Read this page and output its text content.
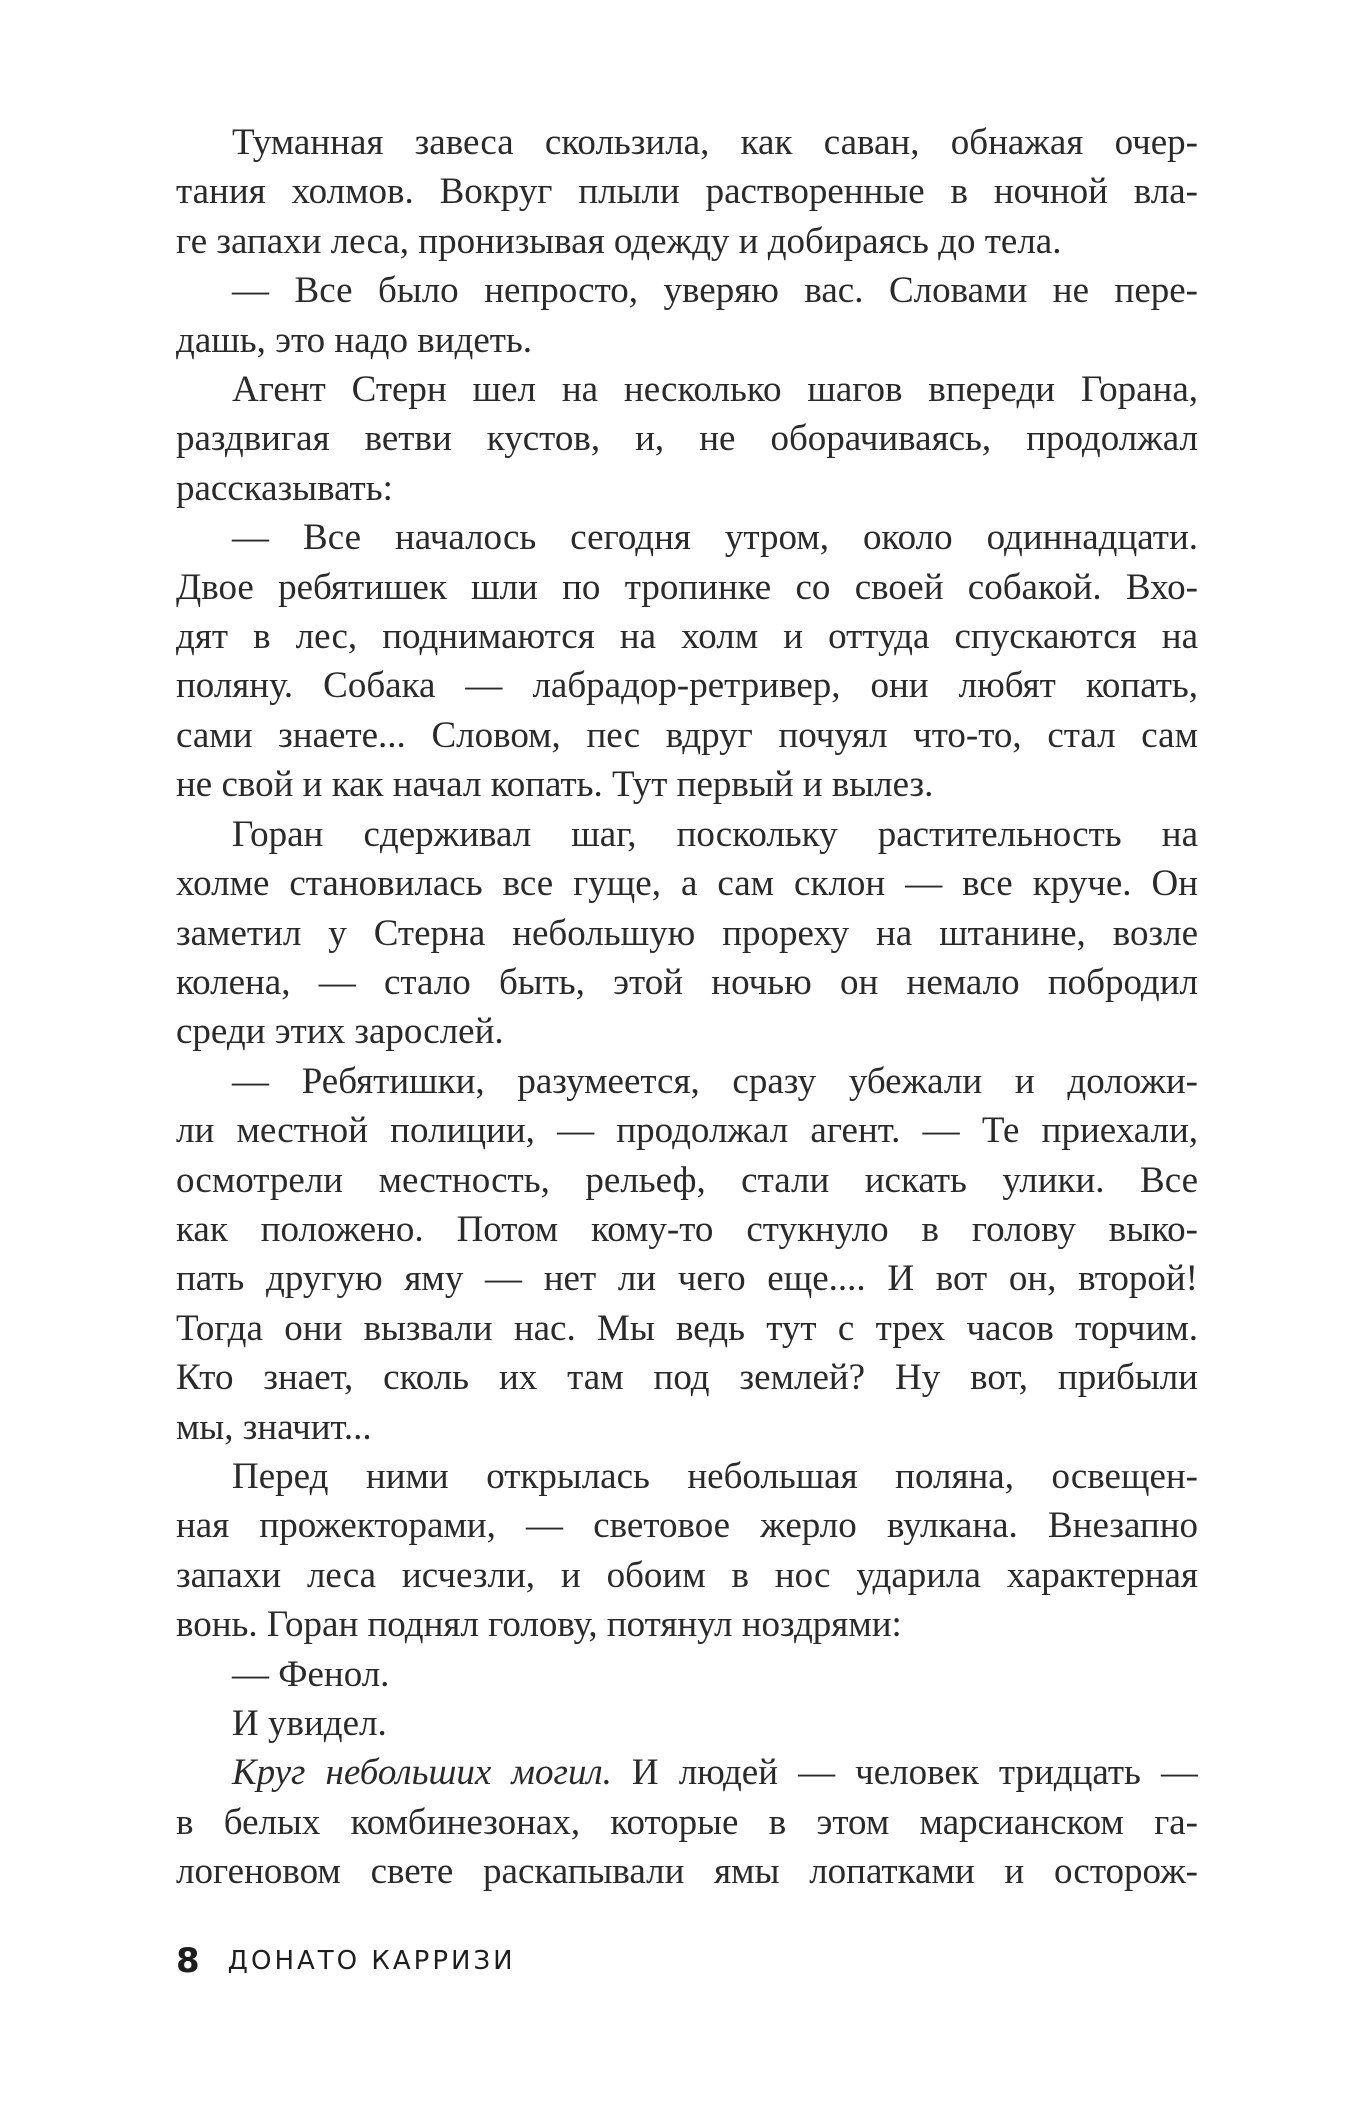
Туманная завеса скользила, как саван, обнажая очер-
тания холмов. Вокруг плыли растворенные в ночной вла-
ге запахи леса, пронизывая одежду и добираясь до тела.

— Все было непросто, уверяю вас. Словами не пере-
дашь, это надо видеть.

Агент Стерн шел на несколько шагов впереди Горана,
раздвигая ветви кустов, и, не оборачиваясь, продолжал
рассказывать:

— Все началось сегодня утром, около одиннадцати.
Двое ребятишек шли по тропинке со своей собакой. Вхо-
дят в лес, поднимаются на холм и оттуда спускаются на
поляну. Собака — лабрадор-ретривер, они любят копать,
сами знаете... Словом, пес вдруг почуял что-то, стал сам
не свой и как начал копать. Тут первый и вылез.

Горан сдерживал шаг, поскольку растительность на
холме становилась все гуще, а сам склон — все круче. Он
заметил у Стерна небольшую прореху на штанине, возле
колена, — стало быть, этой ночью он немало побродил
среди этих зарослей.

— Ребятишки, разумеется, сразу убежали и доложи-
ли местной полиции, — продолжал агент. — Те приехали,
осмотрели местность, рельеф, стали искать улики. Все
как положено. Потом кому-то стукнуло в голову выко-
пать другую яму — нет ли чего еще.... И вот он, второй!
Тогда они вызвали нас. Мы ведь тут с трех часов торчим.
Кто знает, сколь их там под землей? Ну вот, прибыли
мы, значит...

Перед ними открылась небольшая поляна, освещен-
ная прожекторами, — световое жерло вулкана. Внезапно
запахи леса исчезли, и обоим в нос ударила характерная
вонь. Горан поднял голову, потянул ноздрями:

— Фенол.

И увидел.

Круг небольших могил. И людей — человек тридцать —
в белых комбинезонах, которые в этом марсианском га-
логеновом свете раскапывали ямы лопатками и осторож-

8 ДОНАТО КАРРИЗИ
